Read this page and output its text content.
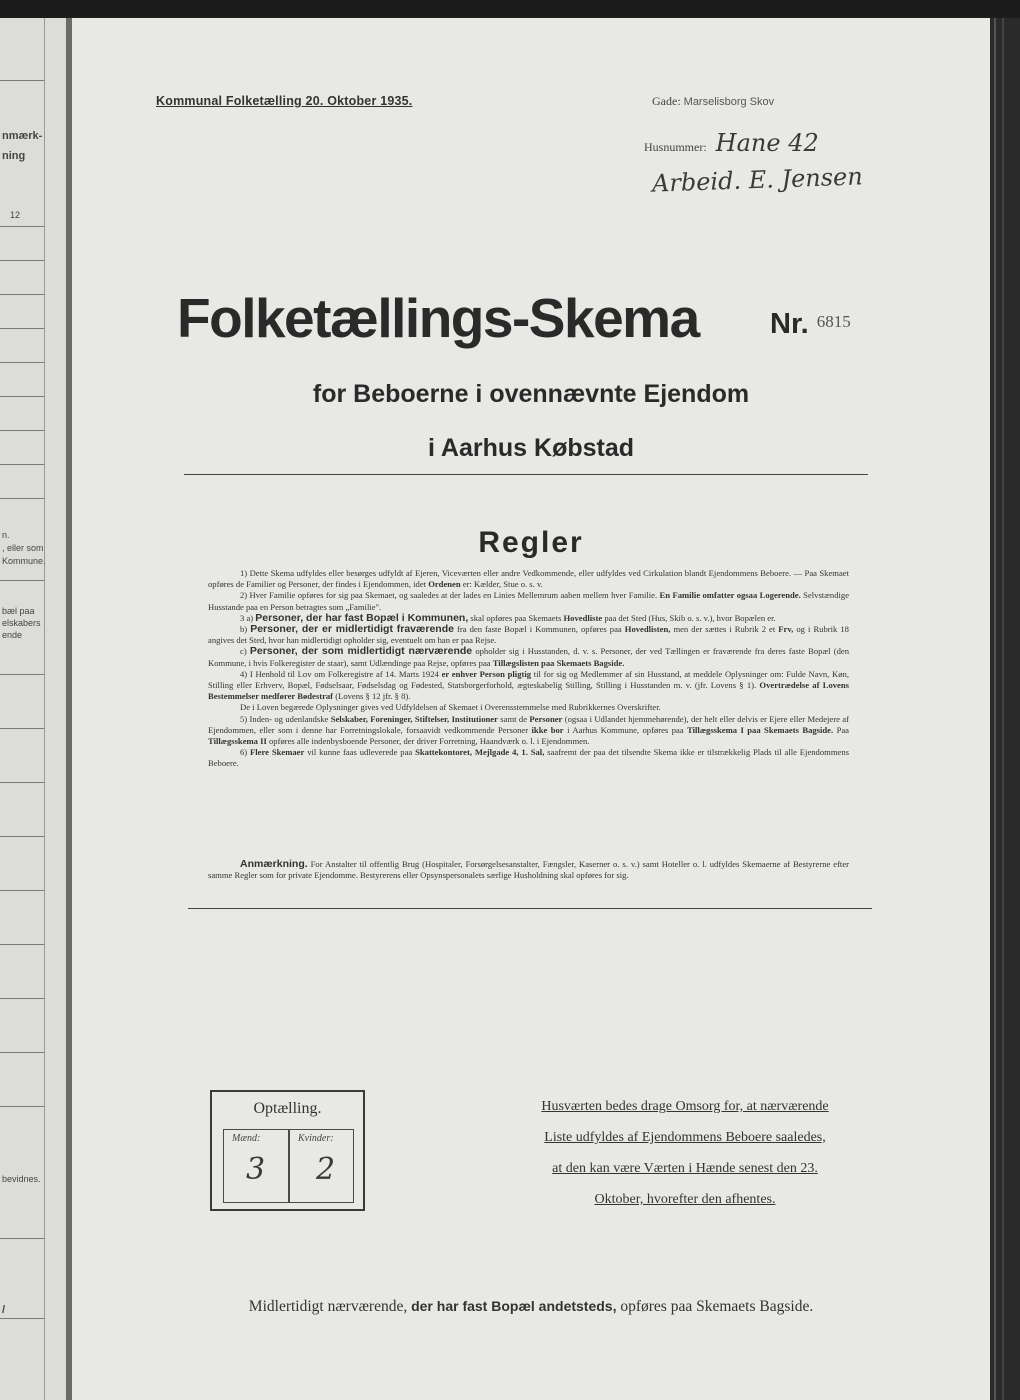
nmærk-
ning
12
n.
, eller som
Kommune.
bæl paa
elskabers
ende
bevidnes.
/
Kommunal Folketælling 20. Oktober 1935.	Gade: Marselisborg Skov
Husnummer: Hane 42
Arbeid. E. Jensen
Folketællings-Skema Nr. $^{6815}$
for Beboerne i ovennævnte Ejendom
i Aarhus Købstad
Regler

1) Dette Skema udfyldes eller besørges udfyldt af Ejeren, Viceværten eller andre Vedkommende, eller udfyldes ved Cirkulation blandt Ejendommens Beboere. — Paa Skemaet opføres de Familier og Personer, der findes i Ejendommen, idet Ordenen er: Kælder, Stue o. s. v.

2) Hver Familie opføres for sig paa Skemaet, og saaledes at der lades en Linies Mellemrum aaben mellem hver Familie. En Familie omfatter ogsaa Logerende. Selvstændige Husstande paa en Person betragtes som „Familie".

3 a) Personer, der har fast Bopæl i Kommunen, skal opføres paa Skemaets Hovedliste paa det Sted (Hus, Skib o. s. v.), hvor Bopælen er.

b) Personer, der er midlertidigt fraværende fra den faste Bopæl i Kommunen, opføres paa Hovedlisten, men der sættes i Rubrik 2 et Frv, og i Rubrik 18 angives det Sted, hvor han midlertidigt opholder sig, eventuelt om han er paa Rejse.

c) Personer, der som midlertidigt nærværende opholder sig i Husstanden, d. v. s. Personer, der ved Tællingen er fraværende fra deres faste Bopæl (den Kommune, i hvis Folkeregister de staar), samt Udlændinge paa Rejse, opføres paa Tillægslisten paa Skemaets Bagside.

4) I Henhold til Lov om Folkeregistre af 14. Marts 1924 er enhver Person pligtig til for sig og Medlemmer af sin Husstand, at meddele Oplysninger om: Fulde Navn, Køn, Stilling eller Erhverv, Bopæl, Fødselsaar, Fødselsdag og Fødested, Statsborgerforhold, ægteskabelig Stilling, Stilling i Husstanden m. v. (jfr. Lovens § 1). Overtrædelse af Lovens Bestemmelser medfører Bødestraf (Lovens § 12 jfr. § 8).

De i Loven begærede Oplysninger gives ved Udfyldelsen af Skemaet i Overensstemmelse med Rubrikkernes Overskrifter.

5) Inden- og udenlandske Selskaber, Foreninger, Stiftelser, Institutioner samt de Personer (ogsaa i Udlandet hjemmehørende), der helt eller delvis er Ejere eller Medejere af Ejendommen, eller som i denne har Forretningslokale, forsaavidt vedkommende Personer ikke bor i Aarhus Kommune, opføres paa Tillægsskema I paa Skemaets Bagside. Paa Tillægsskema II opføres alle indenbysboende Personer, der driver Forretning, Haandværk o. l. i Ejendommen.

6) Flere Skemaer vil kunne faas udleverede paa Skattekontoret, Mejlgade 4, 1. Sal, saafremt der paa det tilsendte Skema ikke er tilstrækkelig Plads til alle Ejendommens Beboere.

Anmærkning. For Anstalter til offentlig Brug (Hospitaler, Forsørgelsesanstalter, Fængsler, Kaserner o. s. v.) samt Hoteller o. l. udfyldes Skemaerne af Bestyrerne efter samme Regler som for private Ejendomme. Bestyrerens eller Opsynspersonalets særlige Husholdning skal opføres for sig.

Optælling.
Mænd:	Kvinder:
3 2
Husværten bedes drage Omsorg for, at nærværende
Liste udfyldes af Ejendommens Beboere saaledes,
at den kan være Værten i Hænde senest den 23.
Oktober, hvorefter den afhentes.
Midlertidigt nærværende, der har fast Bopæl andetsteds, opføres paa Skemaets Bagside.
